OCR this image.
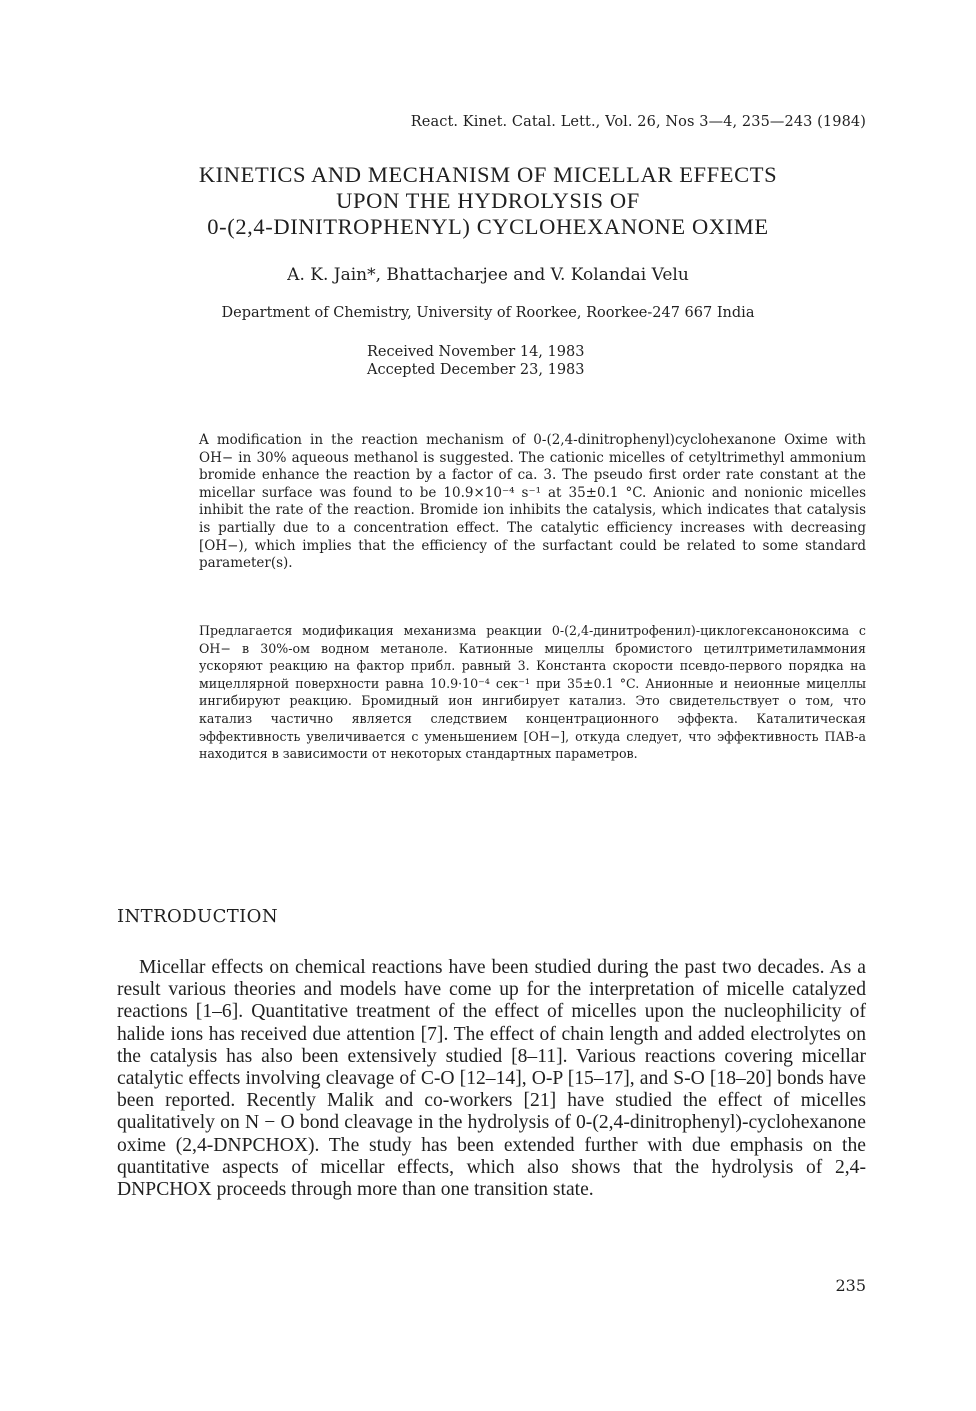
React. Kinet. Catal. Lett., Vol. 26, Nos 3—4, 235—243 (1984)
KINETICS AND MECHANISM OF MICELLAR EFFECTS
UPON THE HYDROLYSIS OF
0-(2,4-DINITROPHENYL) CYCLOHEXANONE OXIME
A. K. Jain*, Bhattacharjee and V. Kolandai Velu
Department of Chemistry, University of Roorkee, Roorkee-247 667 India
Received November 14, 1983
Accepted December 23, 1983

A modification in the reaction mechanism of 0-(2,4-dinitrophenyl)cyclohexanone Oxime with OH− in 30% aqueous methanol is suggested. The cationic micelles of cetyltrimethyl ammonium bromide enhance the reaction by a factor of ca. 3. The pseudo first order rate constant at the micellar surface was found to be 10.9×10⁻⁴ s⁻¹ at 35±0.1 °C. Anionic and nonionic micelles inhibit the rate of the reaction. Bromide ion inhibits the catalysis, which indicates that catalysis is partially due to a concentration effect. The catalytic efficiency increases with decreasing [OH−), which implies that the efficiency of the surfactant could be related to some standard parameter(s).

Предлагается модификация механизма реакции 0-(2,4-динитрофенил)-циклогексаноноксима с OH− в 30%-ом водном метаноле. Катионные мицеллы бромистого цетилтриметиламмония ускоряют реакцию на фактор прибл. равный 3. Константа скорости псевдо-первого порядка на мицеллярной поверхности равна 10.9·10⁻⁴ сек⁻¹ при 35±0.1 °C. Анионные и неионные мицеллы ингибируют реакцию. Бромидный ион ингибирует катализ. Это свидетельствует о том, что катализ частично является следствием концентрационного эффекта. Каталитическая эффективность увеличивается с уменьшением [OH−], откуда следует, что эффективность ПАВ-а находится в зависимости от некоторых стандартных параметров.

INTRODUCTION

Micellar effects on chemical reactions have been studied during the past two decades. As a result various theories and models have come up for the interpretation of micelle catalyzed reactions [1–6]. Quantitative treatment of the effect of micelles upon the nucleophilicity of halide ions has received due attention [7]. The effect of chain length and added electrolytes on the catalysis has also been extensively studied [8–11]. Various reactions covering micellar catalytic effects involving cleavage of C-O [12–14], O-P [15–17], and S-O [18–20] bonds have been reported. Recently Malik and co-workers [21] have studied the effect of micelles qualitatively on N − O bond cleavage in the hydrolysis of 0-(2,4-dinitrophenyl)-cyclohexanone oxime (2,4-DNPCHOX). The study has been extended further with due emphasis on the quantitative aspects of micellar effects, which also shows that the hydrolysis of 2,4-DNPCHOX proceeds through more than one transition state.

235
